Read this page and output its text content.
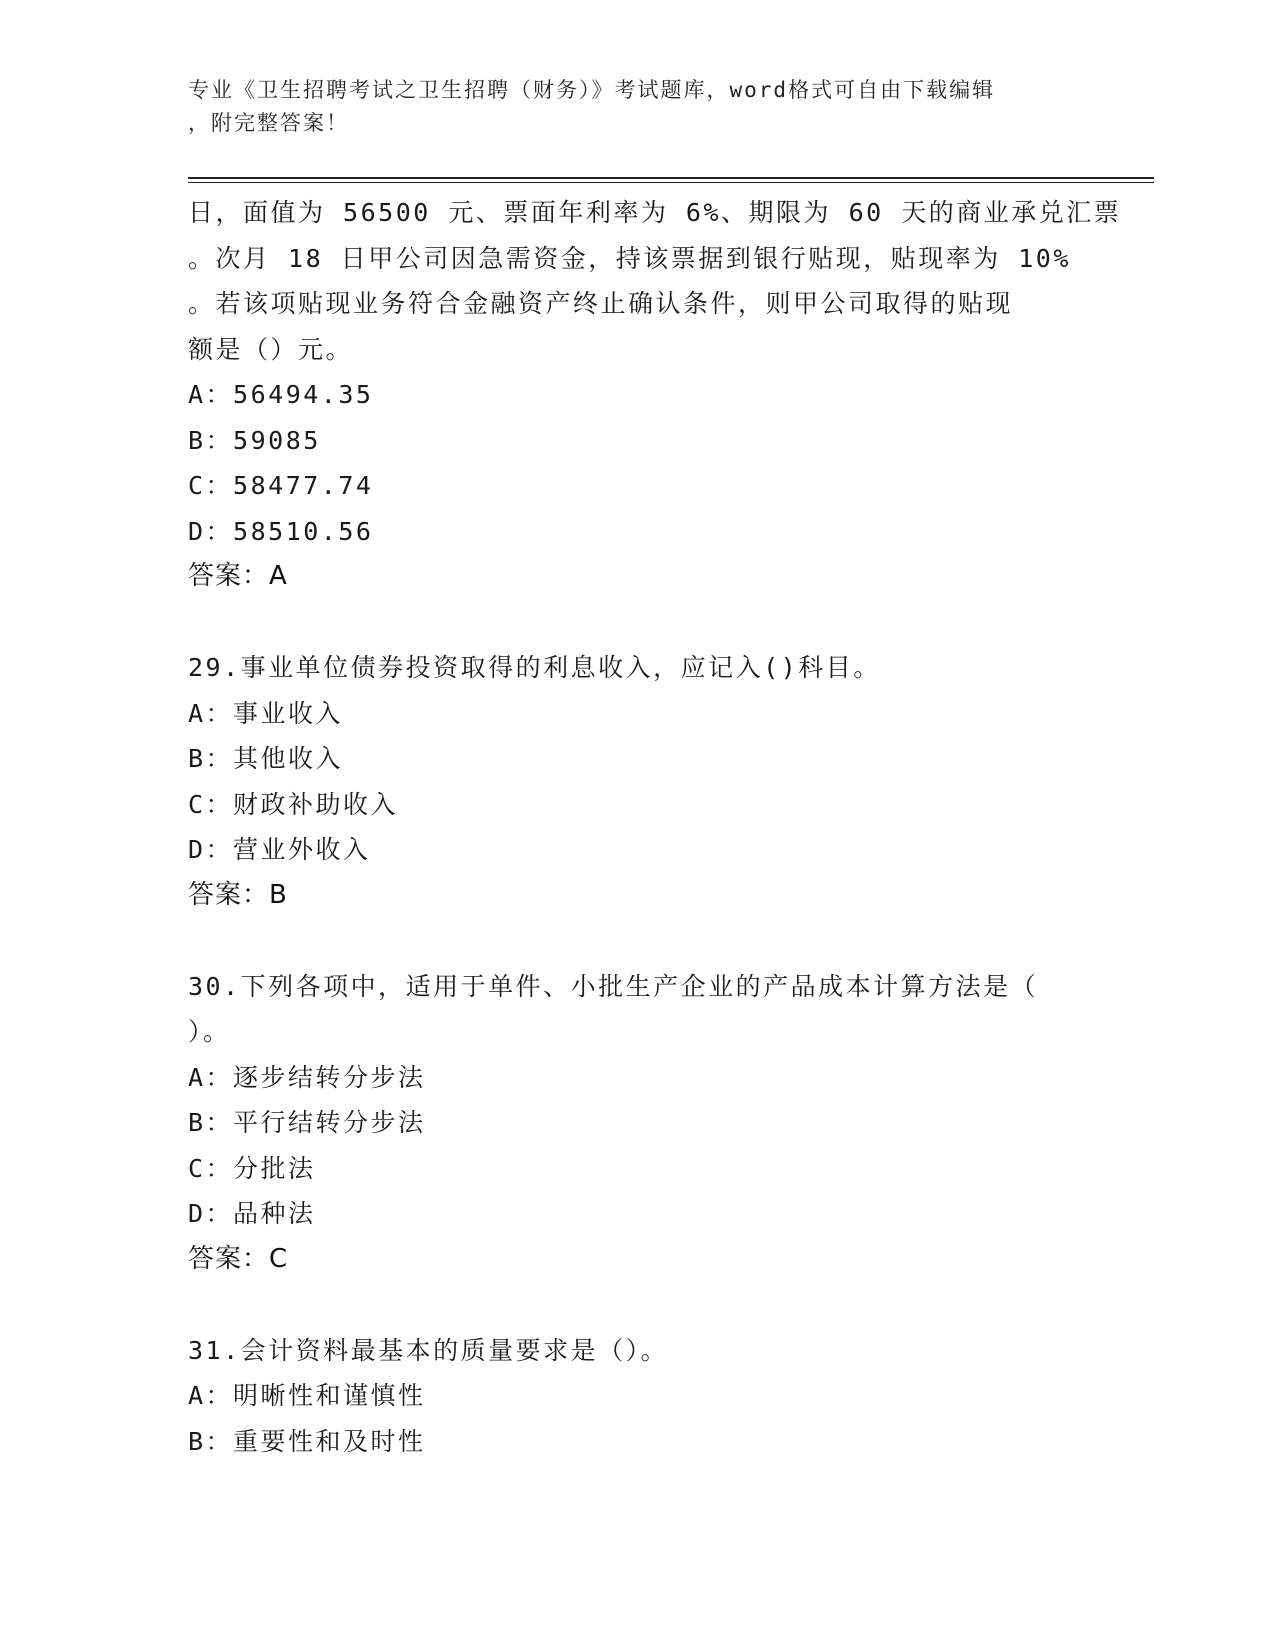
专业《卫生招聘考试之卫生招聘（财务）》考试题库，word格式可自由下载编辑
，附完整答案！

日，面值为 56500 元、票面年利率为 6%、期限为 60 天的商业承兑汇票

。次月 18 日甲公司因急需资金，持该票据到银行贴现，贴现率为 10%

。若该项贴现业务符合金融资产终止确认条件，则甲公司取得的贴现

额是（）元。

A：56494.35

B：59085

C：58477.74

D：58510.56

答案：A

29.事业单位债券投资取得的利息收入，应记入()科目。

A：事业收入

B：其他收入

C：财政补助收入

D：营业外收入

答案：B

30.下列各项中，适用于单件、小批生产企业的产品成本计算方法是（

）。

A：逐步结转分步法

B：平行结转分步法

C：分批法

D：品种法

答案：C

31.会计资料最基本的质量要求是（）。

A：明晰性和谨慎性

B：重要性和及时性
